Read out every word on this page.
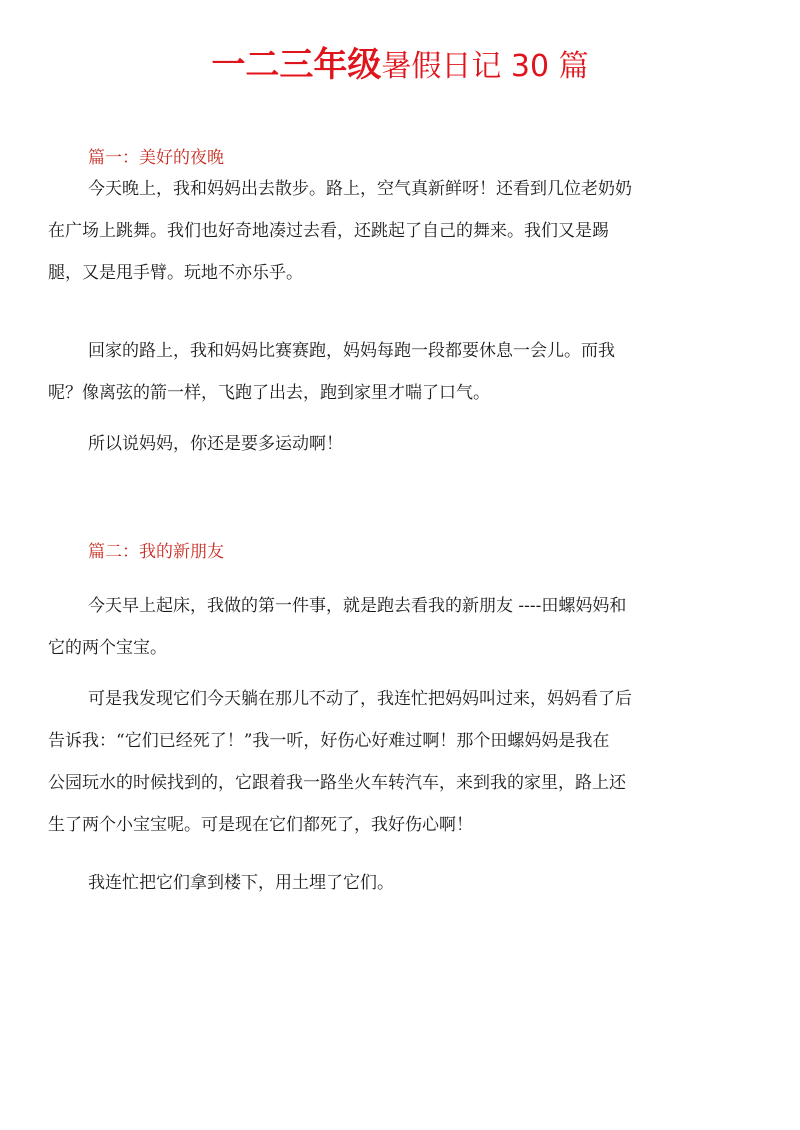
一二三年级暑假日记 30 篇
篇一：美好的夜晚
今天晚上，我和妈妈出去散步。路上，空气真新鲜呀！还看到几位老奶奶
在广场上跳舞。我们也好奇地凑过去看，还跳起了自己的舞来。我们又是踢
腿，又是甩手臂。玩地不亦乐乎。
回家的路上，我和妈妈比赛赛跑，妈妈每跑一段都要休息一会儿。而我
呢？像离弦的箭一样，飞跑了出去，跑到家里才喘了口气。
所以说妈妈，你还是要多运动啊！
篇二：我的新朋友
今天早上起床，我做的第一件事，就是跑去看我的新朋友 ----田螺妈妈和
它的两个宝宝。
可是我发现它们今天躺在那儿不动了，我连忙把妈妈叫过来，妈妈看了后
告诉我：“它们已经死了！”我一听，好伤心好难过啊！那个田螺妈妈是我在
公园玩水的时候找到的，它跟着我一路坐火车转汽车，来到我的家里，路上还
生了两个小宝宝呢。可是现在它们都死了，我好伤心啊！
我连忙把它们拿到楼下，用土埋了它们。
